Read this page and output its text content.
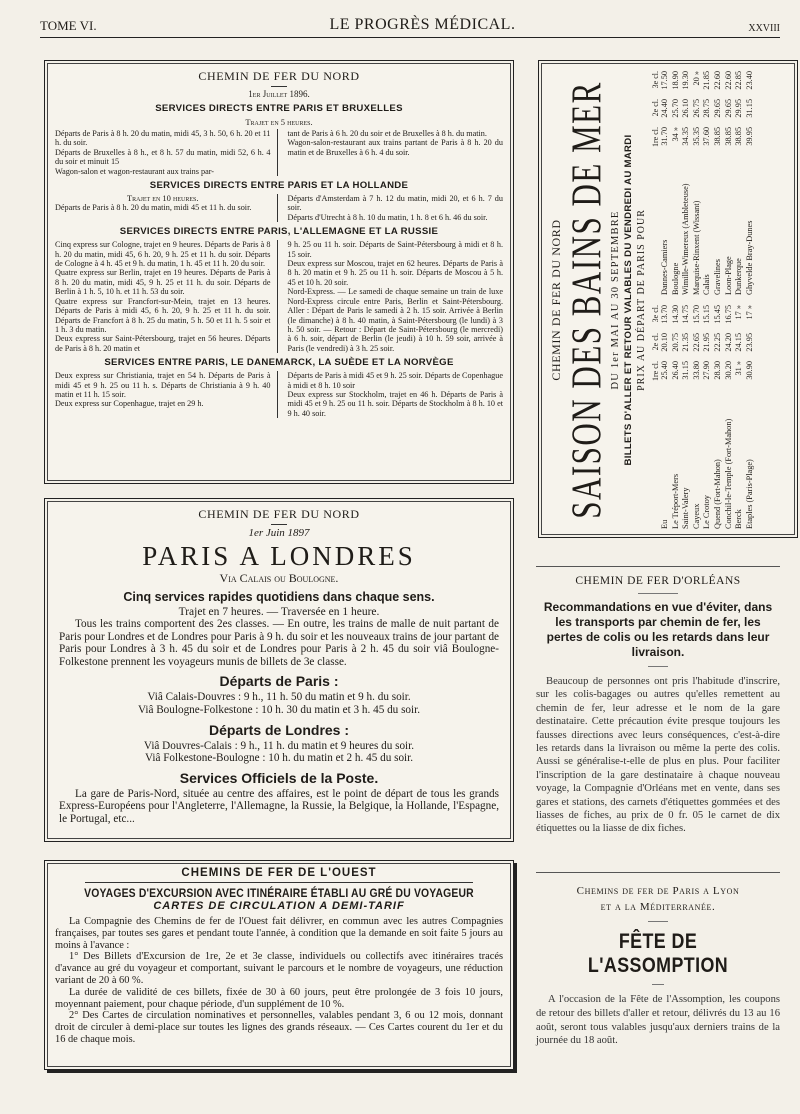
TOME VI.	LE PROGRÈS MÉDICAL.	XXVIII
CHEMIN DE FER DU NORD
1er Juillet 1896.
SERVICES DIRECTS ENTRE PARIS ET BRUXELLES
Trajet en 5 heures.
Départs de Paris à 8 h. 20 du matin, midi 45, 3 h. 50, 6 h. 20 et 11 h. du soir.
Départs de Bruxelles à 8 h., et 8 h. 57 du matin, midi 52, 6 h. 4 du soir et minuit 15
Wagon-salon et wagon-restaurant aux trains par-
tant de Paris à 6 h. 20 du soir et de Bruxelles à 8 h. du matin.
Wagon-salon-restaurant aux trains partant de Paris à 8 h. 20 du matin et de Bruxelles à 6 h. 4 du soir.
SERVICES DIRECTS ENTRE PARIS ET LA HOLLANDE
Trajet en 10 heures.
Départs de Paris à 8 h. 20 du matin, midi 45 et 11 h. du soir.
Départs d'Amsterdam à 7 h. 12 du matin, midi 20, et 6 h. 7 du soir.
Départs d'Utrecht à 8 h. 10 du matin, 1 h. 8 et 6 h. 46 du soir.
SERVICES DIRECTS ENTRE PARIS, L'ALLEMAGNE ET LA RUSSIE
Cinq express sur Cologne, trajet en 9 heures. Départs de Paris à 8 h. 20 du matin, midi 45, 6 h. 20, 9 h. 25 et 11 h. du soir. Départs de Cologne à 4 h. 45 et 9 h. du matin, 1 h. 45 et 11 h. 20 du soir.
Quatre express sur Berlin, trajet en 19 heures. Départs de Paris à 8 h. 20 du matin, midi 45, 9 h. 25 et 11 h. du soir. Départs de Berlin à 1 h. 5, 10 h. et 11 h. 53 du soir.
Quatre express sur Francfort-sur-Mein, trajet en 13 heures. Départs de Paris à midi 45, 6 h. 20, 9 h. 25 et 11 h. du soir. Départs de Francfort à 8 h. 25 du matin, 5 h. 50 et 11 h. 5 soir et 1 h. 3 du matin.
Deux express sur Saint-Pétersbourg, trajet en 56 heures. Départs de Paris à 8 h. 20 matin et
9 h. 25 ou 11 h. soir. Départs de Saint-Pétersbourg à midi et 8 h. 15 soir.
Deux express sur Moscou, trajet en 62 heures. Départs de Paris à 8 h. 20 matin et 9 h. 25 ou 11 h. soir. Départs de Moscou à 5 h. 45 et 10 h. 20 soir.
Nord-Express. — Le samedi de chaque semaine un train de luxe Nord-Express circule entre Paris, Berlin et Saint-Pétersbourg. Aller : Départ de Paris le samedi à 2 h. 15 soir. Arrivée à Berlin (le dimanche) à 8 h. 40 matin, à Saint-Pétersbourg (le lundi) à 3 h. 50 soir. — Retour : Départ de Saint-Pétersbourg (le mercredi) à 6 h. soir, départ de Berlin (le jeudi) à 10 h. 59 soir, arrivée à Paris (le vendredi) à 3 h. 25 soir.
SERVICES ENTRE PARIS, LE DANEMARCK, LA SUÈDE ET LA NORVÈGE
Deux express sur Christiania, trajet en 54 h. Départs de Paris à midi 45 et 9 h. 25 ou 11 h. s. Départs de Christiania à 9 h. 40 matin et 11 h. 15 soir.
Deux express sur Copenhague, trajet en 29 h.
Départs de Paris à midi 45 et 9 h. 25 soir. Départs de Copenhague à midi et 8 h. 10 soir
Deux express sur Stockholm, trajet en 46 h. Départs de Paris à midi 45 et 9 h. 25 ou 11 h. soir. Départs de Stockholm à 8 h. 10 et 9 h. 40 soir.
CHEMIN DE FER DU NORD
1er Juin 1897
PARIS A LONDRES
Via Calais ou Boulogne.
Cinq services rapides quotidiens dans chaque sens.
Trajet en 7 heures. — Traversée en 1 heure.

Tous les trains comportent des 2es classes. — En outre, les trains de malle de nuit partant de Paris pour Londres et de Londres pour Paris à 9 h. du soir et les nouveaux trains de jour partant de Paris pour Londres à 3 h. 45 du soir et de Londres pour Paris à 2 h. 45 du soir viâ Boulogne-Folkestone prennent les voyageurs munis de billets de 3e classe.

Départs de Paris :
Viâ Calais-Douvres : 9 h., 11 h. 50 du matin et 9 h. du soir.
Viâ Boulogne-Folkestone : 10 h. 30 du matin et 3 h. 45 du soir.
Départs de Londres :
Viâ Douvres-Calais : 9 h., 11 h. du matin et 9 heures du soir.
Viâ Folkestone-Boulogne : 10 h. du matin et 2 h. 45 du soir.
Services Officiels de la Poste.

La gare de Paris-Nord, située au centre des affaires, est le point de départ de tous les grands Express-Européens pour l'Angleterre, l'Allemagne, la Russie, la Belgique, la Hollande, l'Espagne, le Portugal, etc...

CHEMINS DE FER DE L'OUEST
VOYAGES D'EXCURSION AVEC ITINÉRAIRE ÉTABLI AU GRÉ DU VOYAGEUR
CARTES DE CIRCULATION A DEMI-TARIF
La Compagnie des Chemins de fer de l'Ouest fait délivrer, en commun avec les autres Compagnies françaises, par toutes ses gares et pendant toute l'année, à condition que la demande en soit faite 5 jours au moins à l'avance :
1° Des Billets d'Excursion de 1re, 2e et 3e classe, individuels ou collectifs avec itinéraires tracés d'avance au gré du voyageur et comportant, suivant le parcours et le nombre de voyageurs, une réduction variant de 20 à 60 %.
La durée de validité de ces billets, fixée de 30 à 60 jours, peut être prolongée de 3 fois 10 jours, moyennant paiement, pour chaque période, d'un supplément de 10 %.
2° Des Cartes de circulation nominatives et personnelles, valables pendant 3, 6 ou 12 mois, donnant droit de circuler à demi-place sur toutes les lignes des grands réseaux. — Ces Cartes courent du 1er et du 16 de chaque mois.
CHEMIN DE FER DU NORD SAISON DES BAINS DE MER DU 1er MAI AU 30 SEPTEMBRE BILLETS D'ALLER ET RETOUR VALABLES DU VENDREDI AU MARDI PRIX AU DÉPART DE PARIS POUR 1re cl.
2e cl.
3e cl.
Eu
25.40
20.10
13.70
Le Tréport-Mers
26.40
20.75
14.30
Saint-Valery
31.15
21.35
14.75
Cayeux
33.80
22.65
15.70
Le Crotoy
27.90
21.95
15.15
Quend (Fort-Mahon)
28.30
22.25
15.45
Conchil-le-Temple (Fort-Mahon)
30.20
24.20
16.75
Berck
31 »
24.15
17 »
Etaples (Paris-Plage)
30.90
23.95
17 »
1re cl.
2e cl.
3e cl.
Dannes-Camiers
31.70
24.40
17.50
Boulogne
34 »
25.70
18.90
Wimille-Wimereux (Ambleteuse)
34.35
26.10
19.30
Marquise-Rinxent (Wissant)
35.35
26.75
20 »
Calais
37.60
28.75
21.85
Gravelines
38.85
29.65
22.60
Loon-Plage
38.85
29.65
22.60
Dunkerque
38.85
29.95
22.85
Ghyvelde Bray-Dunes
39.95
31.15
23.40
CHEMIN DE FER D'ORLÉANS

Recommandations en vue d'éviter, dans les transports par chemin de fer, les pertes de colis ou les retards dans leur livraison.

Beaucoup de personnes ont pris l'habitude d'inscrire, sur les colis-bagages ou autres qu'elles remettent au chemin de fer, leur adresse et le nom de la gare destinataire. Cette précaution évite presque toujours les fausses directions avec leurs conséquences, c'est-à-dire les retards dans la livraison ou même la perte des colis. Aussi se généralise-t-elle de plus en plus. Pour faciliter l'inscription de la gare destinataire à chaque nouveau voyage, la Compagnie d'Orléans met en vente, dans ses gares et stations, des carnets d'étiquettes gommées et des liasses de fiches, au prix de 0 fr. 05 le carnet de dix étiquettes ou la liasse de dix fiches.

Chemins de fer de Paris a Lyon
et a la Méditerranée.
FÊTE DE L'ASSOMPTION

A l'occasion de la Fête de l'Assomption, les coupons de retour des billets d'aller et retour, délivrés du 13 au 16 août, seront tous valables jusqu'aux derniers trains de la journée du 18 août.
